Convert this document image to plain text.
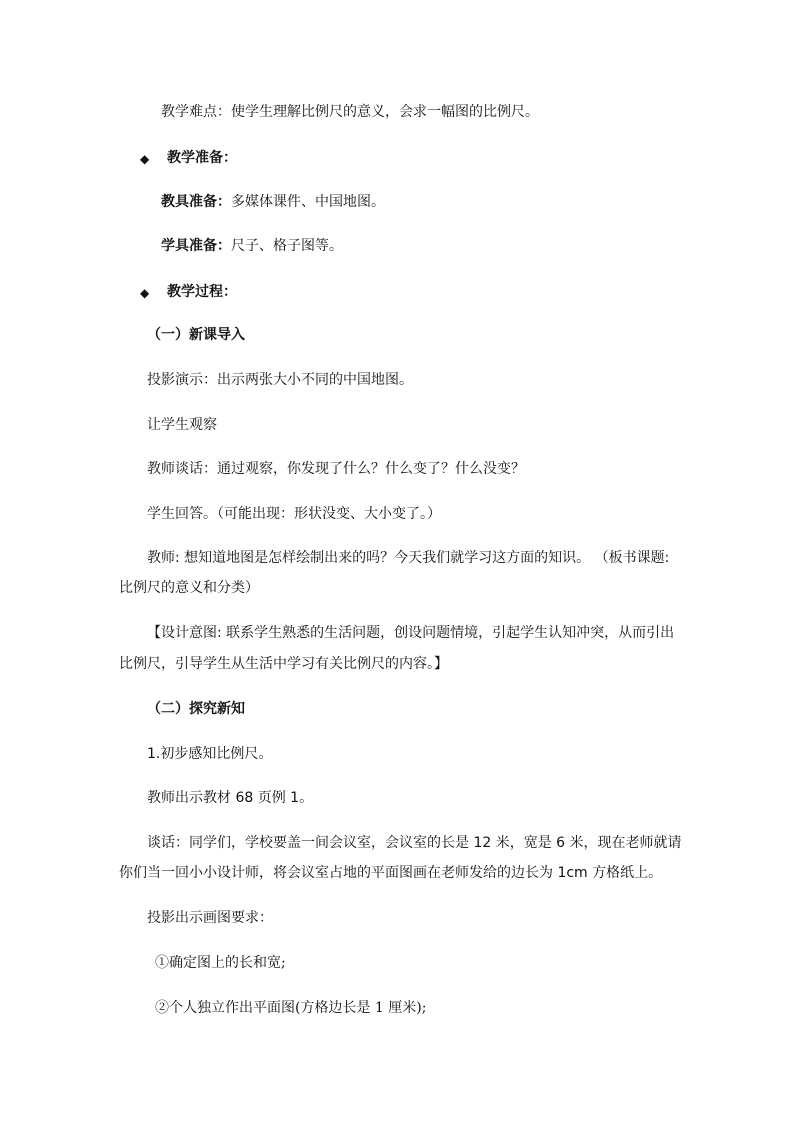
教学难点：使学生理解比例尺的意义，会求一幅图的比例尺。
◆ 教学准备：
教具准备：多媒体课件、中国地图。
学具准备：尺子、格子图等。
◆ 教学过程：
（一）新课导入
投影演示：出示两张大小不同的中国地图。
让学生观察
教师谈话：通过观察，你发现了什么？什么变了？什么没变？
学生回答。（可能出现：形状没变、大小变了。）
教师: 想知道地图是怎样绘制出来的吗？今天我们就学习这方面的知识。 （板书课题:
比例尺的意义和分类）
【设计意图: 联系学生熟悉的生活问题，创设问题情境，引起学生认知冲突，从而引出
比例尺，引导学生从生活中学习有关比例尺的内容。】
（二）探究新知
1.初步感知比例尺。
教师出示教材 68 页例 1。
谈话：同学们，学校要盖一间会议室，会议室的长是 12 米，宽是 6 米，现在老师就请
你们当一回小小设计师，将会议室占地的平面图画在老师发给的边长为 1cm 方格纸上。
投影出示画图要求：
①确定图上的长和宽;
②个人独立作出平面图(方格边长是 1 厘米);
